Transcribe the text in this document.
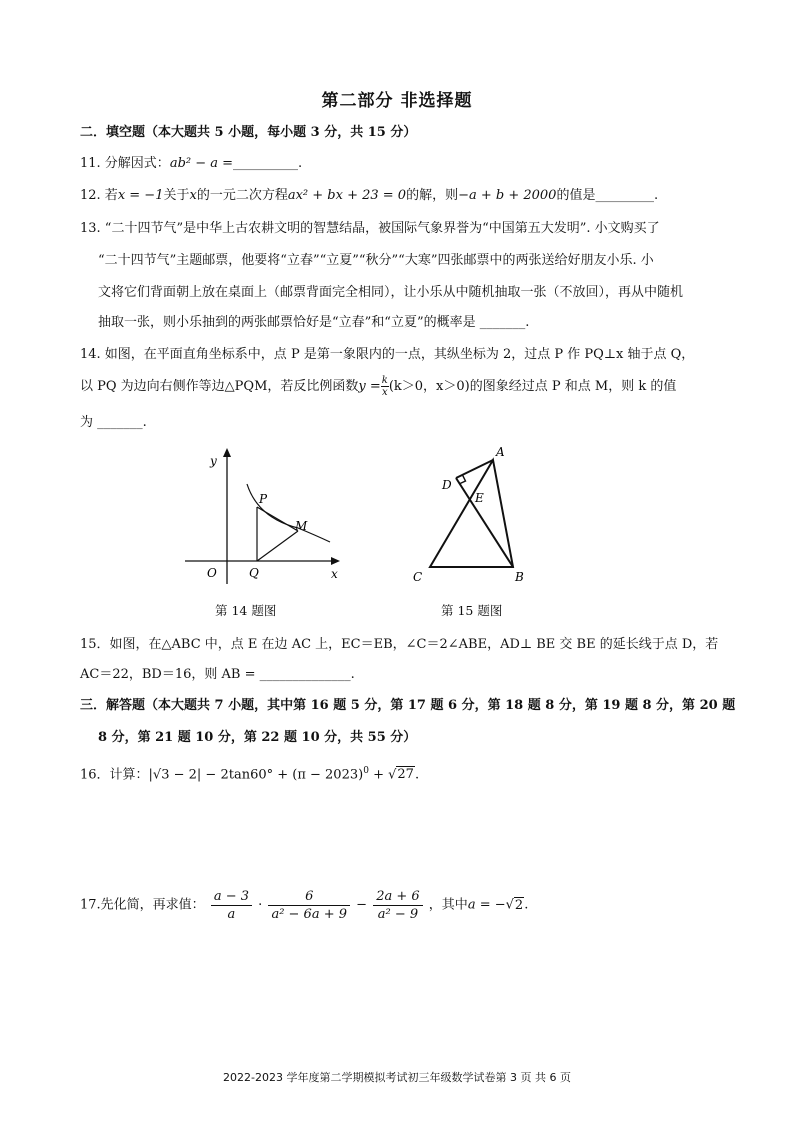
第二部分 非选择题
二．填空题（本大题共 5 小题，每小题 3 分，共 15 分）
11. 分解因式：ab² − a =__________.
12. 若x = −1关于x的一元二次方程ax² + bx + 23 = 0的解，则−a + b + 2000的值是_________.
13. “二十四节气”是中华上古农耕文明的智慧结晶，被国际气象界誉为“中国第五大发明”. 小文购买了
“二十四节气”主题邮票，他要将“立春”“立夏”“秋分”“大寒”四张邮票中的两张送给好朋友小乐. 小
文将它们背面朝上放在桌面上（邮票背面完全相同），让小乐从中随机抽取一张（不放回），再从中随机
抽取一张，则小乐抽到的两张邮票恰好是“立春”和“立夏”的概率是 _______.
14. 如图，在平面直角坐标系中，点 P 是第一象限内的一点，其纵坐标为 2，过点 P 作 PQ⊥x 轴于点 Q，
以 PQ 为边向右侧作等边△PQM，若反比例函数$y = \frac{k}{x} (k>0$，x＞0)的图象经过点 P 和点 M，则 k 的值
为 _______.
y
x
O	Q
P
M
第 14 题图
A
D
E
C	B
第 15 题图
15．如图，在△ABC 中，点 E 在边 AC 上，EC＝EB，∠C＝2∠ABE，AD⊥ BE 交 BE 的延长线于点 D，若
AC＝22，BD＝16，则 AB = ______________.
三．解答题（本大题共 7 小题，其中第 16 题 5 分，第 17 题 6 分，第 18 题 8 分，第 19 题 8 分，第 20 题
8 分，第 21 题 10 分，第 22 题 10 分，共 55 分）
16．计算：$|√3 - 2| - 2\tan 60^\circ + (\pi - 2023)^0 + √27$.
17.先化简，再求值： $\frac{a - 3}{a} \cdot \frac{6}{\text{a² − 6a + 9}} - \frac{2a + 6}{\text{a² − 9}}$ ，其中a = −√2.
2022-2023 学年度第二学期模拟考试初三年级数学试卷第 3 页 共 6 页
